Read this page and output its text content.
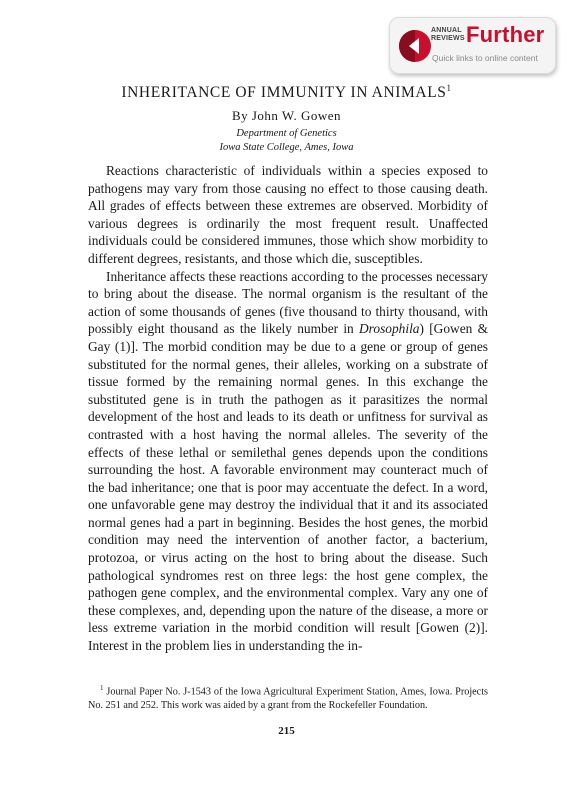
ANNUAL
REVIEWS Further
Quick links to online content
INHERITANCE OF IMMUNITY IN ANIMALS$^1$
By John W. Gowen
Department of Genetics
Iowa State College, Ames, Iowa

Reactions characteristic of individuals within a species exposed to pathogens may vary from those causing no effect to those causing death. All grades of effects between these extremes are observed. Morbidity of various degrees is ordinarily the most frequent result. Unaffected individuals could be considered immunes, those which show morbidity to different degrees, resistants, and those which die, susceptibles.

Inheritance affects these reactions according to the processes necessary to bring about the disease. The normal organism is the resultant of the action of some thousands of genes (five thousand to thirty thousand, with possibly eight thousand as the likely number in Drosophila) [Gowen & Gay (1)]. The morbid condition may be due to a gene or group of genes substituted for the normal genes, their alleles, working on a substrate of tissue formed by the remaining normal genes. In this exchange the substituted gene is in truth the pathogen as it parasitizes the normal development of the host and leads to its death or unfitness for survival as contrasted with a host having the normal alleles. The severity of the effects of these lethal or semilethal genes depends upon the conditions surrounding the host. A favorable environment may counteract much of the bad inheritance; one that is poor may accentuate the defect. In a word, one unfavorable gene may destroy the individual that it and its associated normal genes had a part in beginning. Besides the host genes, the morbid condition may need the intervention of another factor, a bacterium, protozoa, or virus acting on the host to bring about the disease. Such pathological syndromes rest on three legs: the host gene complex, the pathogen gene complex, and the environmental complex. Vary any one of these complexes, and, depending upon the nature of the disease, a more or less extreme variation in the morbid condition will result [Gowen (2)]. Interest in the problem lies in understanding the in-

$^1$ Journal Paper No. J-1543 of the Iowa Agricultural Experiment Station, Ames, Iowa. Projects No. 251 and 252. This work was aided by a grant from the Rockefeller Foundation.

215
